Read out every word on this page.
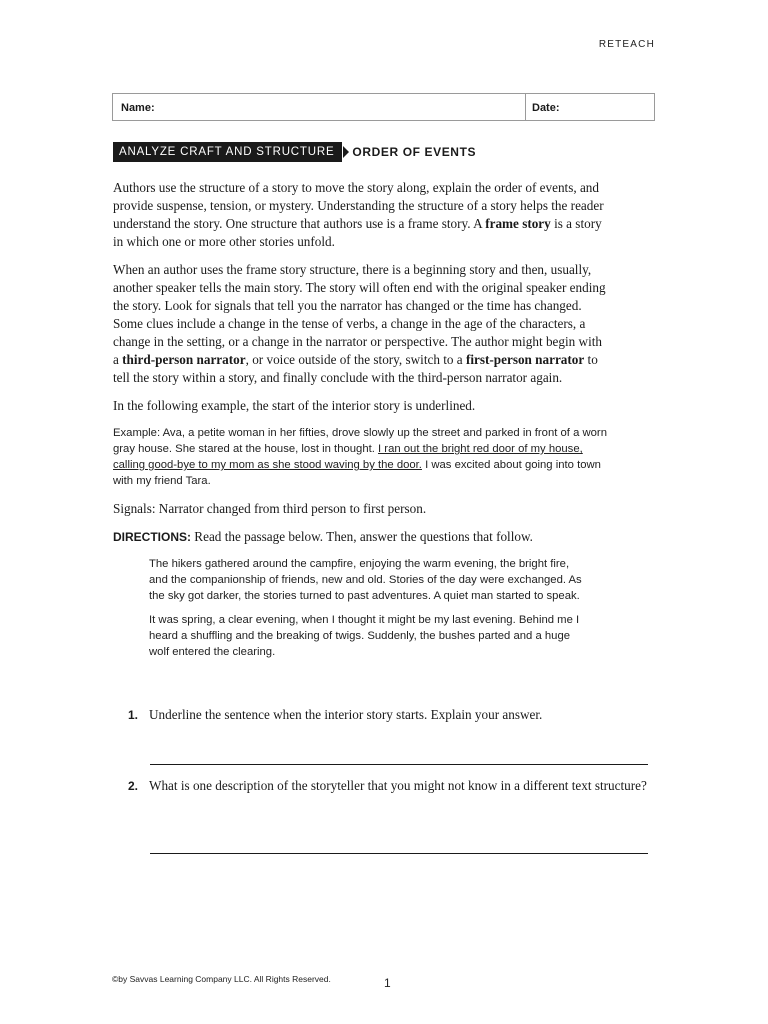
RETEACH
Name:	Date:
ANALYZE CRAFT AND STRUCTURE	ORDER OF EVENTS

Authors use the structure of a story to move the story along, explain the order of events, and provide suspense, tension, or mystery. Understanding the structure of a story helps the reader understand the story. One structure that authors use is a frame story. A frame story is a story in which one or more other stories unfold.

When an author uses the frame story structure, there is a beginning story and then, usually, another speaker tells the main story. The story will often end with the original speaker ending the story. Look for signals that tell you the narrator has changed or the time has changed. Some clues include a change in the tense of verbs, a change in the age of the characters, a change in the setting, or a change in the narrator or perspective. The author might begin with a third-person narrator, or voice outside of the story, switch to a first-person narrator to tell the story within a story, and finally conclude with the third-person narrator again.

In the following example, the start of the interior story is underlined.

Example: Ava, a petite woman in her fifties, drove slowly up the street and parked in front of a worn gray house. She stared at the house, lost in thought. I ran out the bright red door of my house, calling good-bye to my mom as she stood waving by the door. I was excited about going into town with my friend Tara.

Signals: Narrator changed from third person to first person.

DIRECTIONS: Read the passage below. Then, answer the questions that follow.

The hikers gathered around the campfire, enjoying the warm evening, the bright fire, and the companionship of friends, new and old. Stories of the day were exchanged. As the sky got darker, the stories turned to past adventures. A quiet man started to speak.

It was spring, a clear evening, when I thought it might be my last evening. Behind me I heard a shuffling and the breaking of twigs. Suddenly, the bushes parted and a huge wolf entered the clearing.

1. Underline the sentence when the interior story starts. Explain your answer.
2. What is one description of the storyteller that you might not know in a different text structure?
©by Savvas Learning Company LLC. All Rights Reserved.	1
